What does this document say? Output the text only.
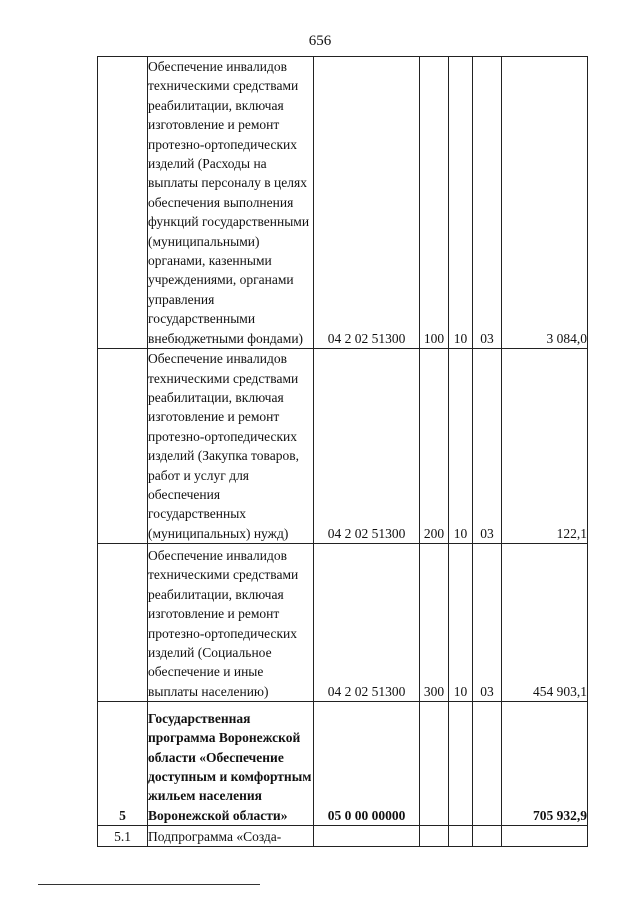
656
	Обеспечение инвалидов техническими средствами реабилитации, включая изготовление и ремонт протезно-ортопедических изделий (Расходы на выплаты персоналу в целях обеспечения выполнения функций государственными (муниципальными) органами, казенными учреждениями, органами управления государственными внебюджетными фондами)	04 2 02 51300	100	10	03	3 084,0
	Обеспечение инвалидов техническими средствами реабилитации, включая изготовление и ремонт протезно-ортопедических изделий (Закупка товаров, работ и услуг для обеспечения государственных (муниципальных) нужд)	04 2 02 51300	200	10	03	122,1
	Обеспечение инвалидов техническими средствами реабилитации, включая изготовление и ремонт протезно-ортопедических изделий (Социальное обеспечение и иные выплаты населению)	04 2 02 51300	300	10	03	454 903,1
5	Государственная программа Воронежской области «Обеспечение доступным и комфортным жильем населения Воронежской области»	05 0 00 00000				705 932,9
5.1	Подпрограмма «Созда-					
